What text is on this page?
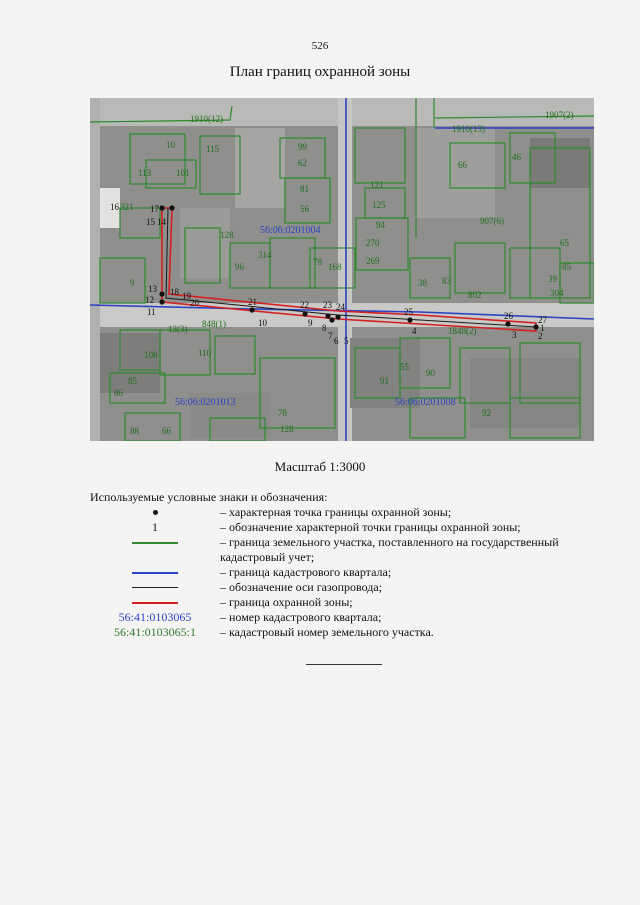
526
План границ охранной зоны
16	17
15 14
13
12
11
18 19
20	21	22 23 24	25	26	27
10	9 8
7 6 5
4	3 2
1
56:06:0201004
56:06:0201008
56:06:0201013
10	115
101
113
99
62
81
56
66
46
121
125
94
270
269
321
128
96
314
78 168
38 83
802
85
65
39
304
9
13(3)
108
848(1)
110
91
90
55
85
86
88	66	128
78	92
907(6)
1907(2)
1910(12)
1910(13)
1848(2)
Масштаб 1:3000
Используемые условные знаки и обозначения:
– характерная точка границы охранной зоны;
1	– обозначение характерной точки границы охранной зоны;
– граница земельного участка, поставленного на государственный кадастровый учет;
– граница кадастрового квартала;
– обозначение оси газопровода;
– граница охранной зоны;
56:41:0103065 – номер кадастрового квартала;
56:41:0103065:1 – кадастровый номер земельного участка.
